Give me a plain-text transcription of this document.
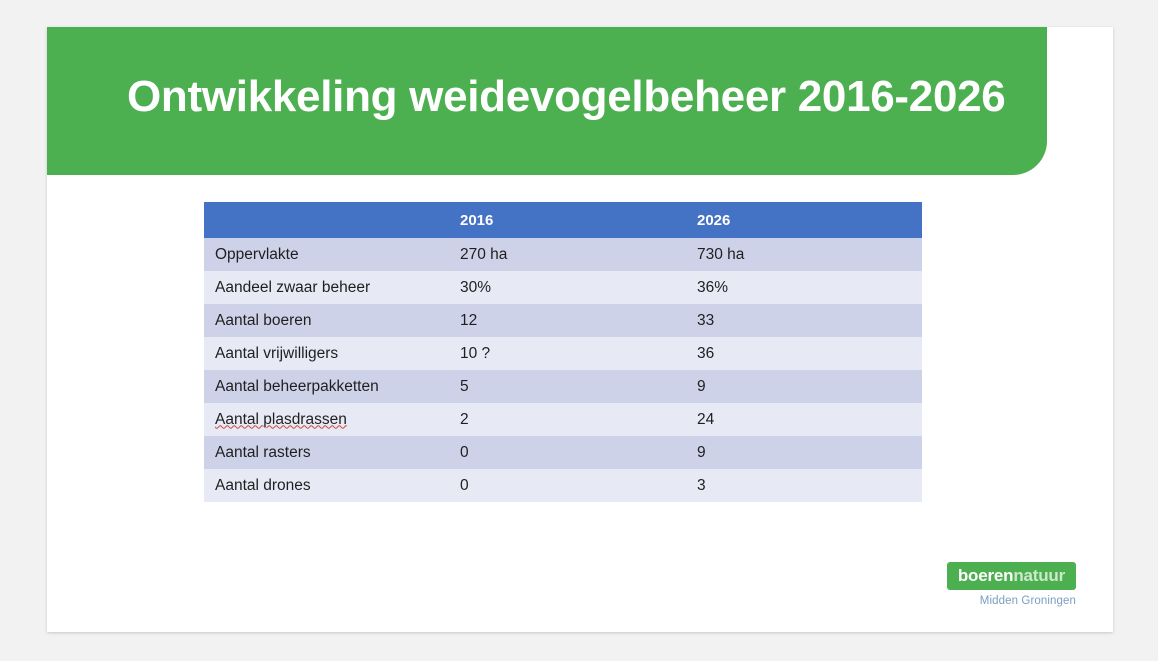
Ontwikkeling weidevogelbeheer 2016-2026
	2016	2026
Oppervlakte	270 ha	730 ha
Aandeel zwaar beheer	30%	36%
Aantal boeren	12	33
Aantal vrijwilligers	10 ?	36
Aantal beheerpakketten	5	9
Aantal plasdrassen	2	24
Aantal rasters	0	9
Aantal drones	0	3
boerennatuur
Midden Groningen
